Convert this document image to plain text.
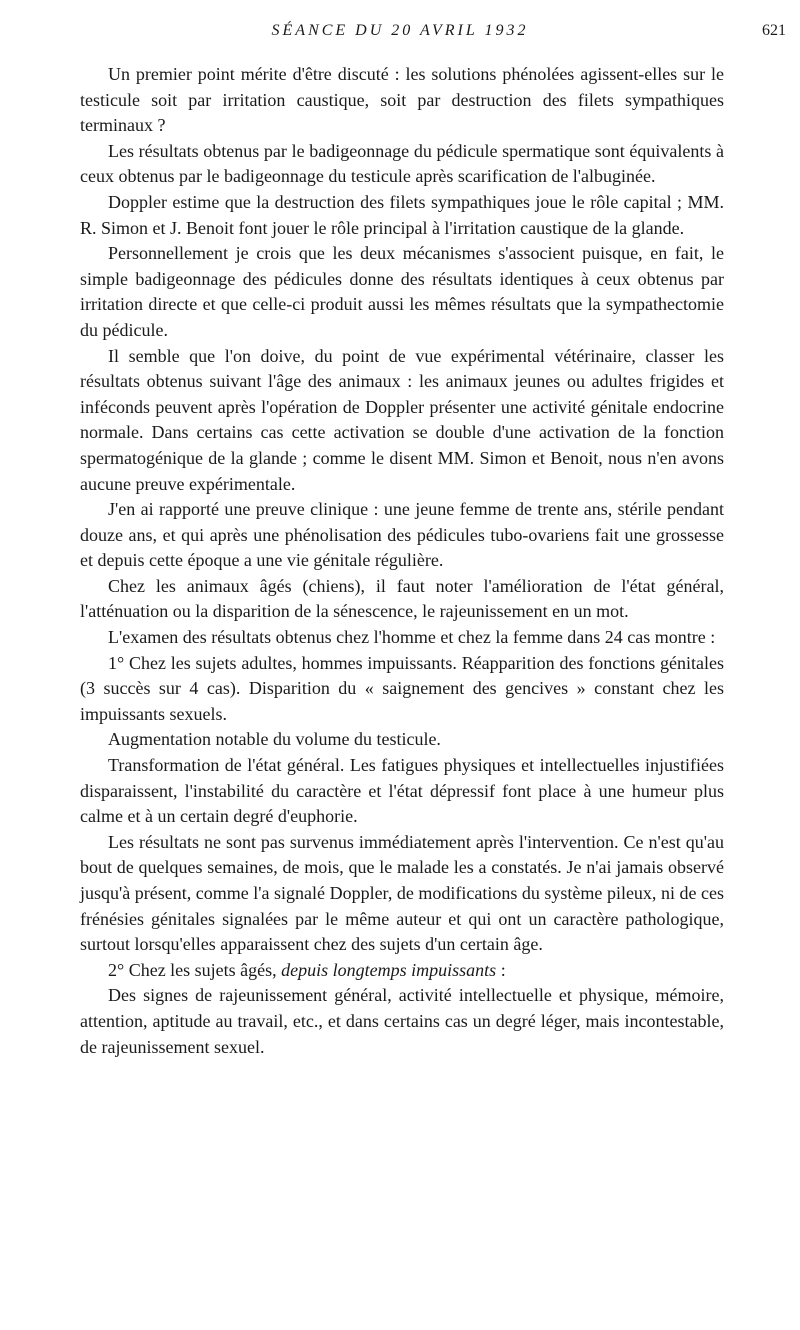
SÉANCE DU 20 AVRIL 1932	621

Un premier point mérite d'être discuté : les solutions phénolées agissent-elles sur le testicule soit par irritation caustique, soit par destruction des filets sympathiques terminaux ?

Les résultats obtenus par le badigeonnage du pédicule spermatique sont équivalents à ceux obtenus par le badigeonnage du testicule après scarification de l'albuginée.

Doppler estime que la destruction des filets sympathiques joue le rôle capital ; MM. R. Simon et J. Benoit font jouer le rôle principal à l'irritation caustique de la glande.

Personnellement je crois que les deux mécanismes s'associent puisque, en fait, le simple badigeonnage des pédicules donne des résultats identiques à ceux obtenus par irritation directe et que celle-ci produit aussi les mêmes résultats que la sympathectomie du pédicule.

Il semble que l'on doive, du point de vue expérimental vétérinaire, classer les résultats obtenus suivant l'âge des animaux : les animaux jeunes ou adultes frigides et inféconds peuvent après l'opération de Doppler présenter une activité génitale endocrine normale. Dans certains cas cette activation se double d'une activation de la fonction spermatogénique de la glande ; comme le disent MM. Simon et Benoit, nous n'en avons aucune preuve expérimentale.

J'en ai rapporté une preuve clinique : une jeune femme de trente ans, stérile pendant douze ans, et qui après une phénolisation des pédicules tubo-ovariens fait une grossesse et depuis cette époque a une vie génitale régulière.

Chez les animaux âgés (chiens), il faut noter l'amélioration de l'état général, l'atténuation ou la disparition de la sénescence, le rajeunissement en un mot.

L'examen des résultats obtenus chez l'homme et chez la femme dans 24 cas montre :

1° Chez les sujets adultes, hommes impuissants. Réapparition des fonctions génitales (3 succès sur 4 cas). Disparition du « saignement des gencives » constant chez les impuissants sexuels.

Augmentation notable du volume du testicule.

Transformation de l'état général. Les fatigues physiques et intellectuelles injustifiées disparaissent, l'instabilité du caractère et l'état dépressif font place à une humeur plus calme et à un certain degré d'euphorie.

Les résultats ne sont pas survenus immédiatement après l'intervention. Ce n'est qu'au bout de quelques semaines, de mois, que le malade les a constatés. Je n'ai jamais observé jusqu'à présent, comme l'a signalé Doppler, de modifications du système pileux, ni de ces frénésies génitales signalées par le même auteur et qui ont un caractère pathologique, surtout lorsqu'elles apparaissent chez des sujets d'un certain âge.

2° Chez les sujets âgés, depuis longtemps impuissants :

Des signes de rajeunissement général, activité intellectuelle et physique, mémoire, attention, aptitude au travail, etc., et dans certains cas un degré léger, mais incontestable, de rajeunissement sexuel.
